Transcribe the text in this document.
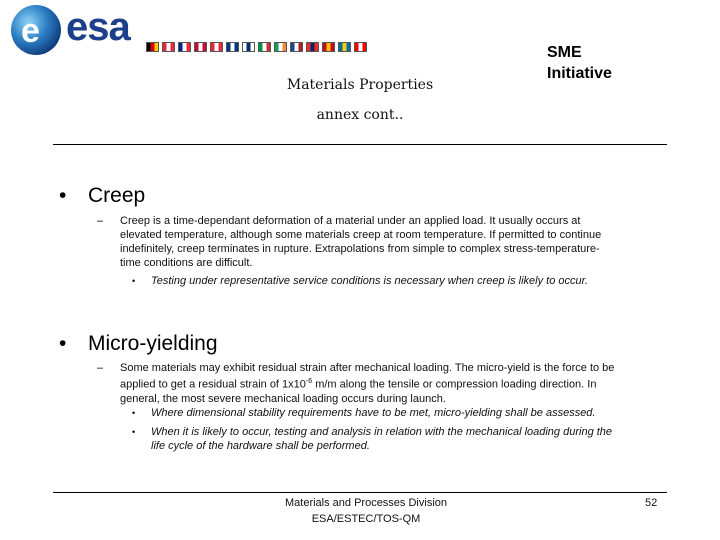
e esa
SME
Initiative
Materials Properties
annex cont..
• Creep
– Creep is a time-dependant deformation of a material under an applied load. It usually occurs at
elevated temperature, although some materials creep at room temperature. If permitted to continue
indefinitely, creep terminates in rupture. Extrapolations from simple to complex stress-temperature-
time conditions are difficult.
• Testing under representative service conditions is necessary when creep is likely to occur.
• Micro-yielding
– Some materials may exhibit residual strain after mechanical loading. The micro-yield is the force to be
applied to get a residual strain of $1x10^{-6}$ m/m along the tensile or compression loading direction. In
general, the most severe mechanical loading occurs during launch.
• Where dimensional stability requirements have to be met, micro-yielding shall be assessed.
• When it is likely to occur, testing and analysis in relation with the mechanical loading during the
life cycle of the hardware shall be performed.
Materials and Processes Division
ESA/ESTEC/TOS-QM
52
